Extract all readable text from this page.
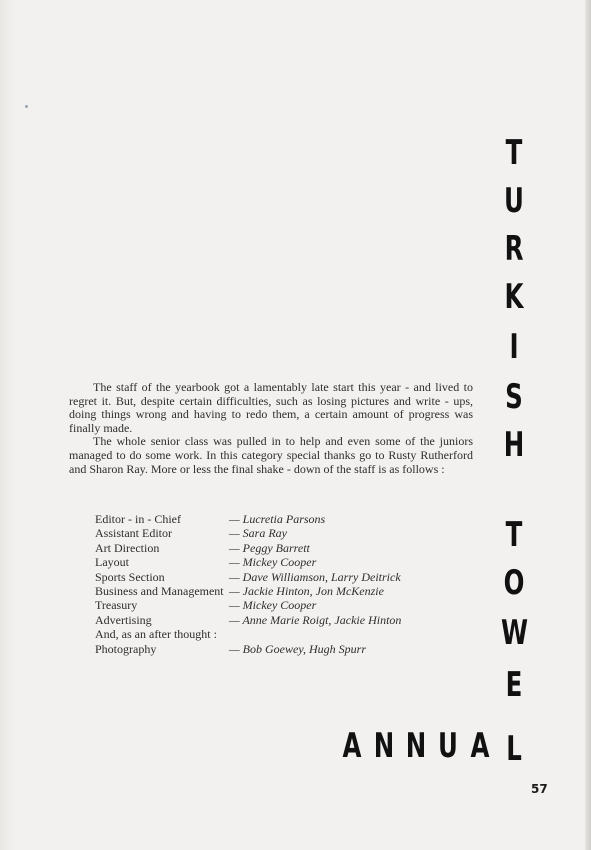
The staff of the yearbook got a lamentably late start this year - and lived to regret it. But, despite certain difficulties, such as losing pictures and write - ups, doing things wrong and having to redo them, a certain amount of progress was finally made.

The whole senior class was pulled in to help and even some of the juniors managed to do some work. In this category special thanks go to Rusty Rutherford and Sharon Ray. More or less the final shake - down of the staff is as follows :

Editor - in - Chief	— Lucretia Parsons
Assistant Editor	— Sara Ray
Art Direction	— Peggy Barrett
Layout	— Mickey Cooper
Sports Section	— Dave Williamson, Larry Deitrick
Business and Management — Jackie Hinton, Jon McKenzie
Treasury	— Mickey Cooper
Advertising	— Anne Marie Roigt, Jackie Hinton
And, as an after thought :
Photography	— Bob Goewey, Hugh Spurr
T
U
R
K
I
S
H
T
O
W
E
L
A N N U A
57
